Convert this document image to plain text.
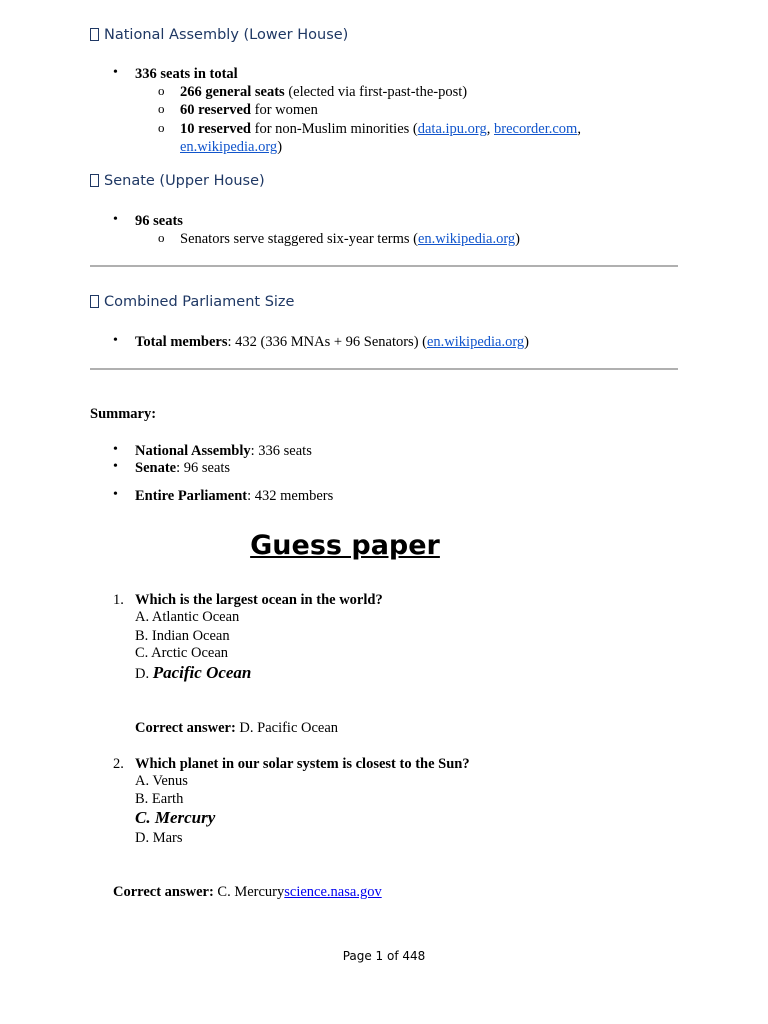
National Assembly (Lower House)
• 336 seats in total
o 266 general seats (elected via first-past-the-post)
o 60 reserved for women
o 10 reserved for non-Muslim minorities (data.ipu.org, brecorder.com,
en.wikipedia.org)
Senate (Upper House)
• 96 seats
o Senators serve staggered six-year terms (en.wikipedia.org)
Combined Parliament Size
• Total members: 432 (336 MNAs + 96 Senators) (en.wikipedia.org)
Summary:
• National Assembly: 336 seats
• Senate: 96 seats
• Entire Parliament: 432 members
Guess paper
1. Which is the largest ocean in the world?
A. Atlantic Ocean
B. Indian Ocean
C. Arctic Ocean
D. Pacific Ocean
Correct answer: D. Pacific Ocean
2. Which planet in our solar system is closest to the Sun?
A. Venus
B. Earth
C. Mercury
D. Mars
Correct answer: C. Mercuryscience.nasa.gov
Page 1 of 448
